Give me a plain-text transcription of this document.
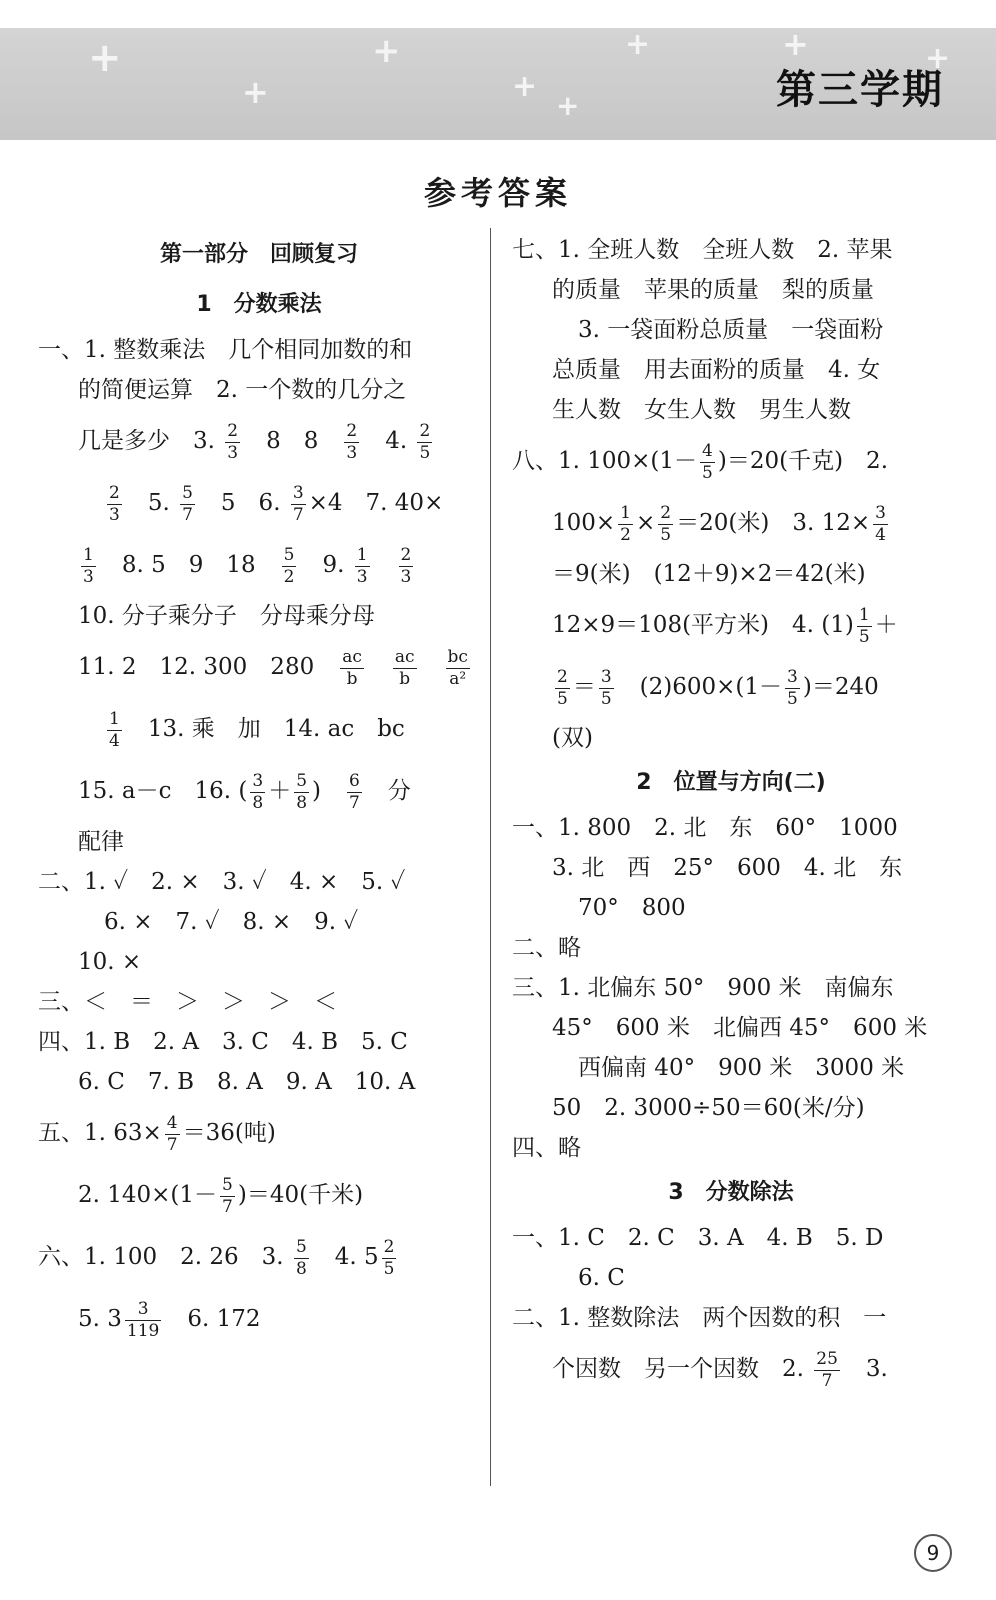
+
+
+
+
+
+	+	+
第三学期
参考答案
第一部分　回顾复习
1　分数乘法
一、1. 整数乘法　几个相同加数的和
的简便运算　2. 一个数的几分之
几是多少　3. $\frac{2}{3}$ 　8　8　 $\frac{2}{3}$ 　4. $\frac{2}{5}$
$\frac{2}{3}$ 　5. $\frac{5}{7}$ 　5　6. $\frac{3}{7} \times 4$　7. 40×
$\frac{1}{3}$ 　8. 5　9　18　 $\frac{5}{2}$ 　9. $\frac{1}{3}$
　 $\frac{2}{3}$
10. 分子乘分子　分母乘分母
11. 2　12. 300　280　 $\frac{ac}{b}$
　 $\frac{ac}{b}$
　 $\frac{bc}{\text{a²}}$
$\frac{1}{4}$ 　13. 乘　加　14. ac　bc
15. a－c　16. ( $\frac{3}{8} + \frac{5}{8}$ )　 $\frac{6}{7}$ 　分
配律
二、1. ✓　2. ×　3. ✓　4. ×　5. ✓
6. ×　7. ✓　8. ×　9. ✓
10. ×
三、＜　＝　＞　＞　＞　＜
四、1. B　2. A　3. C　4. B　5. C
6. C　7. B　8. A　9. A　10. A
五、1. $63\times \frac{4}{7} =36$(吨)
2. $140\times(1- \frac{5}{7} )=40$(千米)
六、1. 100　2. 26　3. $\frac{5}{8}$ 　4. $5 \frac{2}{5}$
5. $3 \frac{3}{119}$ 　6. 172
七、1. 全班人数　全班人数　2. 苹果
的质量　苹果的质量　梨的质量
3. 一袋面粉总质量　一袋面粉
总质量　用去面粉的质量　4. 女
生人数　女生人数　男生人数
八、1. $100\times(1- \frac{4}{5} )=20$(千克)　2.
$100\times \frac{1}{2} \times \frac{2}{5} =20$(米)　3. $12\times \frac{3}{4}$
＝9(米)　(12＋9)×2＝42(米)
12×9＝108(平方米)　4. $(1) \frac{1}{5}$ ＋
$\frac{2}{5} = \frac{3}{5}$ 　$(2)600\times(1- \frac{3}{5} )=240$
(双)
2　位置与方向(二)
一、1. 800　2. 北　东　60°　1000
3. 北　西　25°　600　4. 北　东
70°　800
二、略
三、1. 北偏东 50°　900 米　南偏东
45°　600 米　北偏西 45°　600 米
西偏南 40°　900 米　3000 米
50　2. 3000÷50＝60(米/分)
四、略
3　分数除法
一、1. C　2. C　3. A　4. B　5. D
6. C
二、1. 整数除法　两个因数的积　一
个因数　另一个因数　2. $\frac{25}{7}$ 　3.
9
